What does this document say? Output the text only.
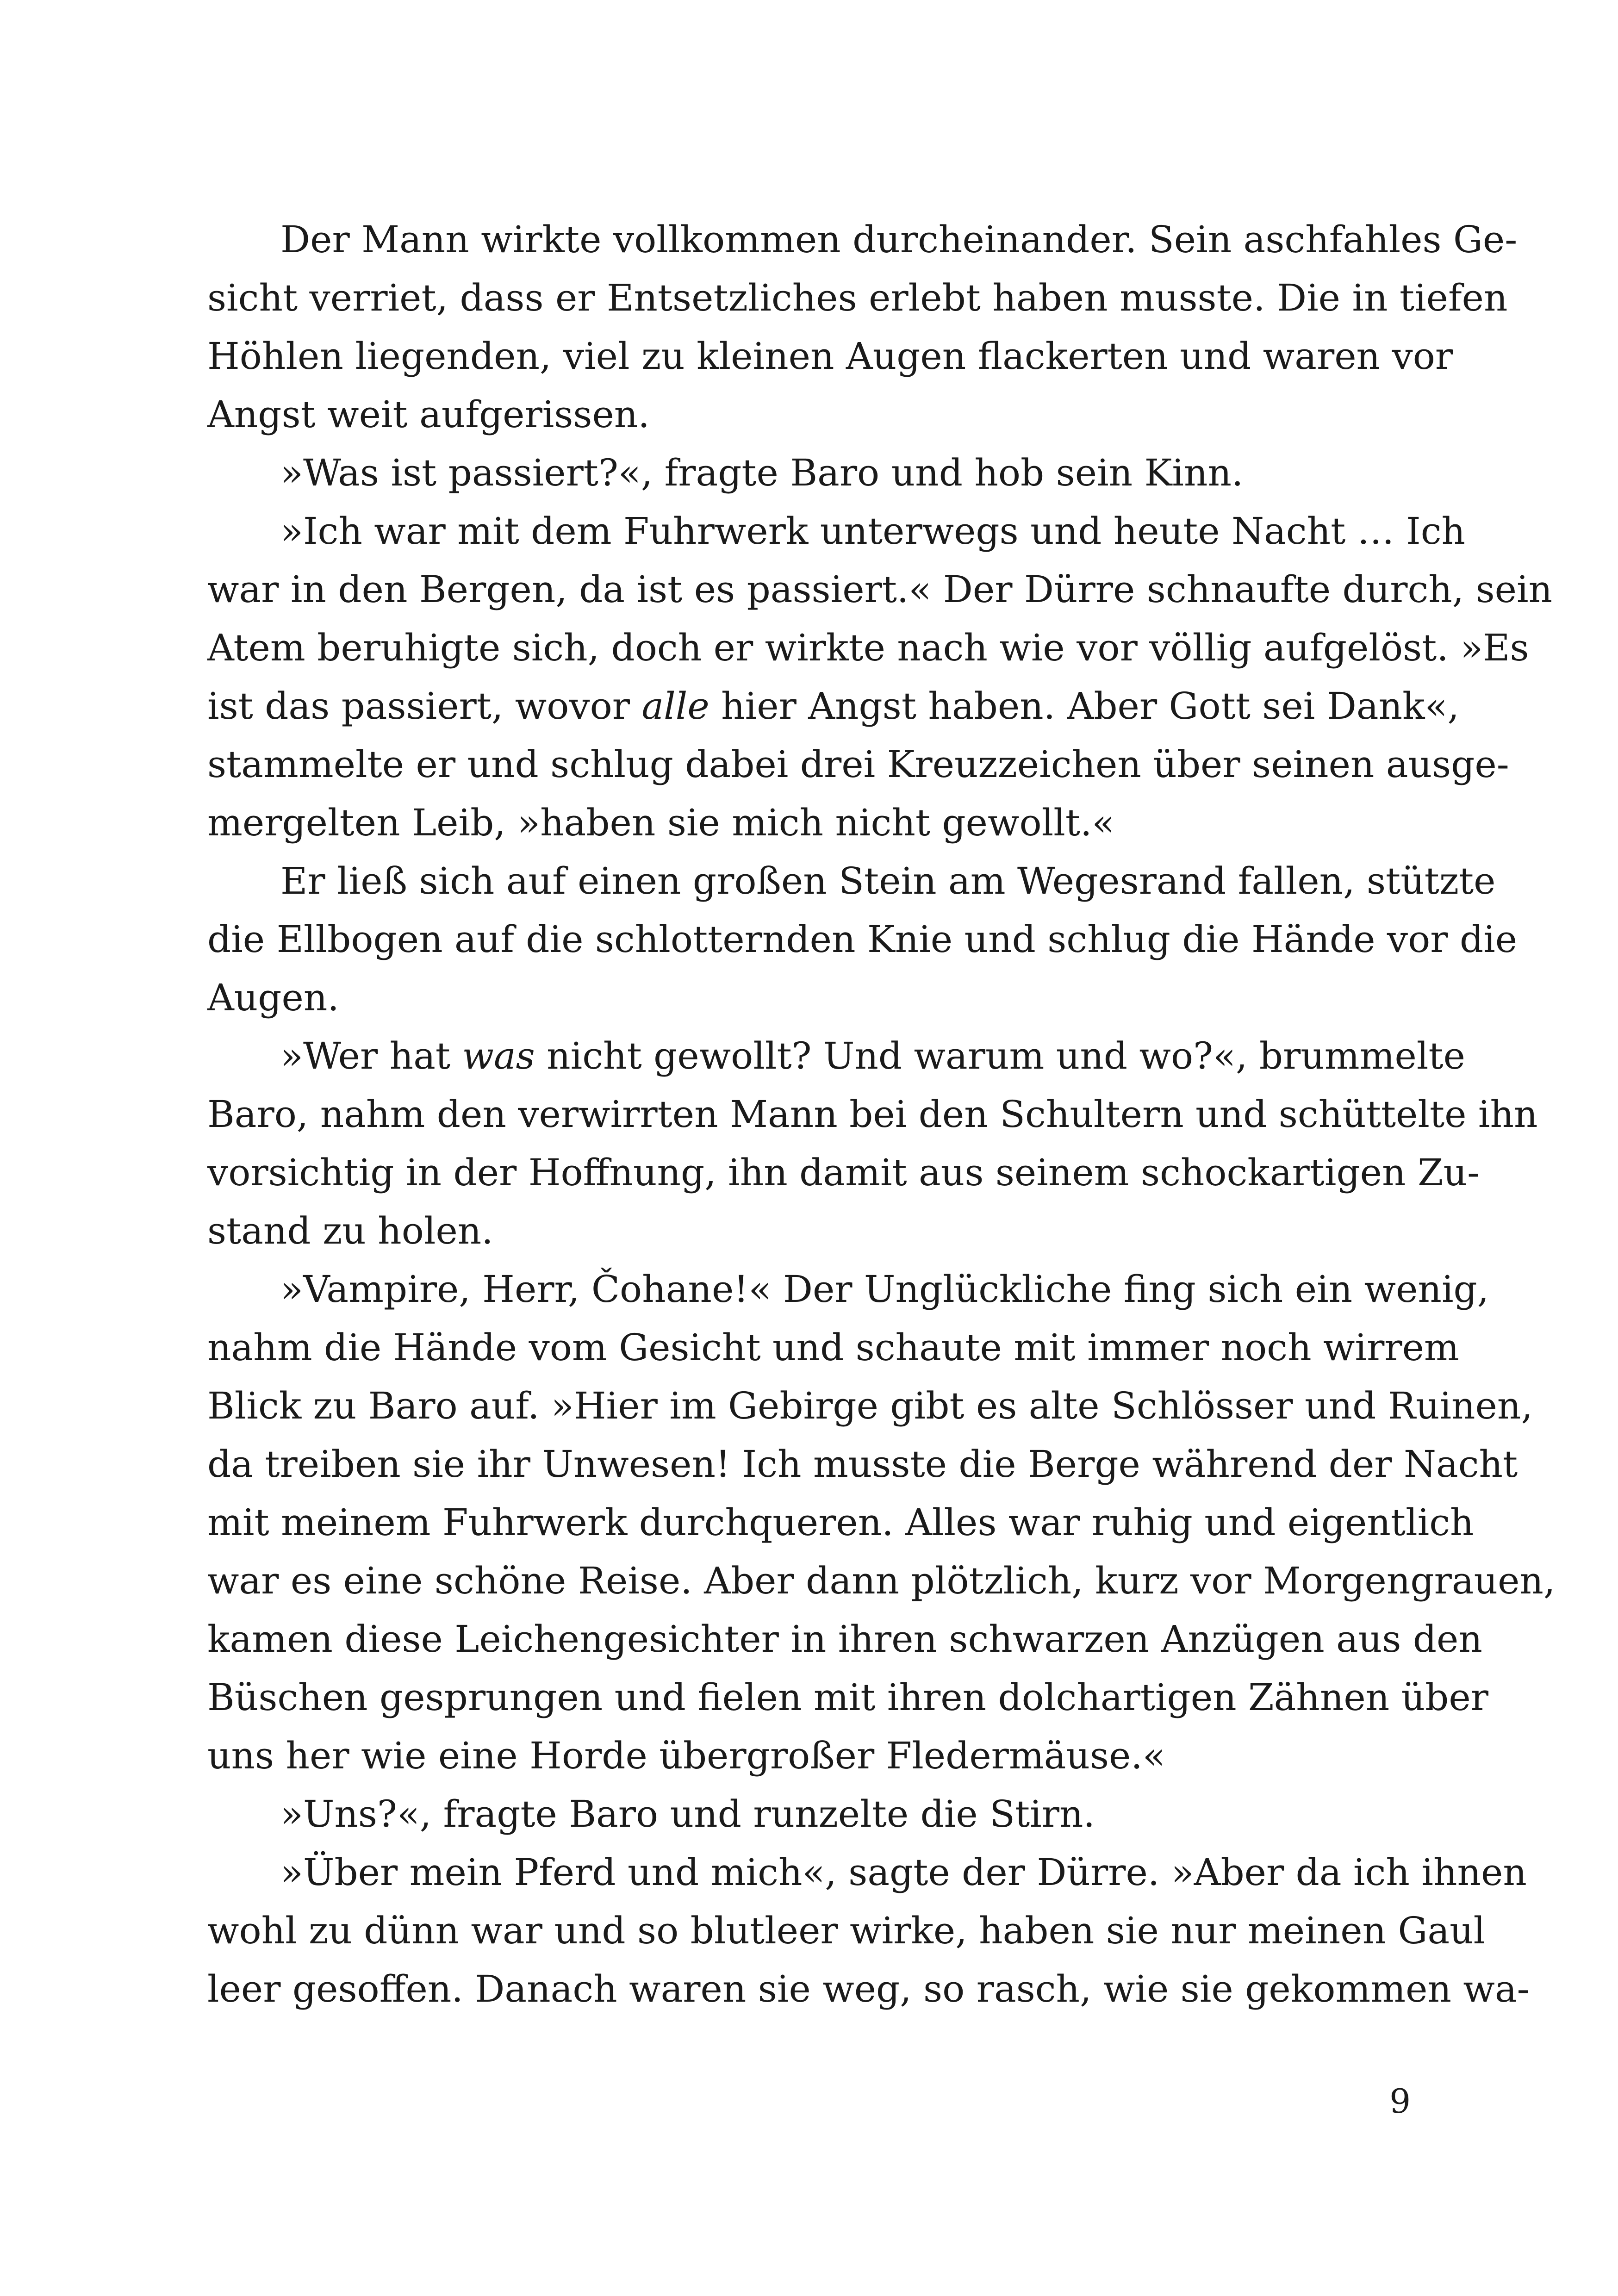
Der Mann wirkte vollkommen durcheinander. Sein aschfahles Ge-
sicht verriet, dass er Entsetzliches erlebt haben musste. Die in tiefen
Höhlen liegenden, viel zu kleinen Augen flackerten und waren vor
Angst weit aufgerissen.
»Was ist passiert?«, fragte Baro und hob sein Kinn.
»Ich war mit dem Fuhrwerk unterwegs und heute Nacht … Ich
war in den Bergen, da ist es passiert.« Der Dürre schnaufte durch, sein
Atem beruhigte sich, doch er wirkte nach wie vor völlig aufgelöst. »Es
ist das passiert, wovor alle hier Angst haben. Aber Gott sei Dank«,
stammelte er und schlug dabei drei Kreuzzeichen über seinen ausge-
mergelten Leib, »haben sie mich nicht gewollt.«
Er ließ sich auf einen großen Stein am Wegesrand fallen, stützte
die Ellbogen auf die schlotternden Knie und schlug die Hände vor die
Augen.
»Wer hat was nicht gewollt? Und warum und wo?«, brummelte
Baro, nahm den verwirrten Mann bei den Schultern und schüttelte ihn
vorsichtig in der Hoffnung, ihn damit aus seinem schockartigen Zu-
stand zu holen.
»Vampire, Herr, Čohane!« Der Unglückliche fing sich ein wenig,
nahm die Hände vom Gesicht und schaute mit immer noch wirrem
Blick zu Baro auf. »Hier im Gebirge gibt es alte Schlösser und Ruinen,
da treiben sie ihr Unwesen! Ich musste die Berge während der Nacht
mit meinem Fuhrwerk durchqueren. Alles war ruhig und eigentlich
war es eine schöne Reise. Aber dann plötzlich, kurz vor Morgengrauen,
kamen diese Leichengesichter in ihren schwarzen Anzügen aus den
Büschen gesprungen und fielen mit ihren dolchartigen Zähnen über
uns her wie eine Horde übergroßer Fledermäuse.«
»Uns?«, fragte Baro und runzelte die Stirn.
»Über mein Pferd und mich«, sagte der Dürre. »Aber da ich ihnen
wohl zu dünn war und so blutleer wirke, haben sie nur meinen Gaul
leer gesoffen. Danach waren sie weg, so rasch, wie sie gekommen wa-
9
